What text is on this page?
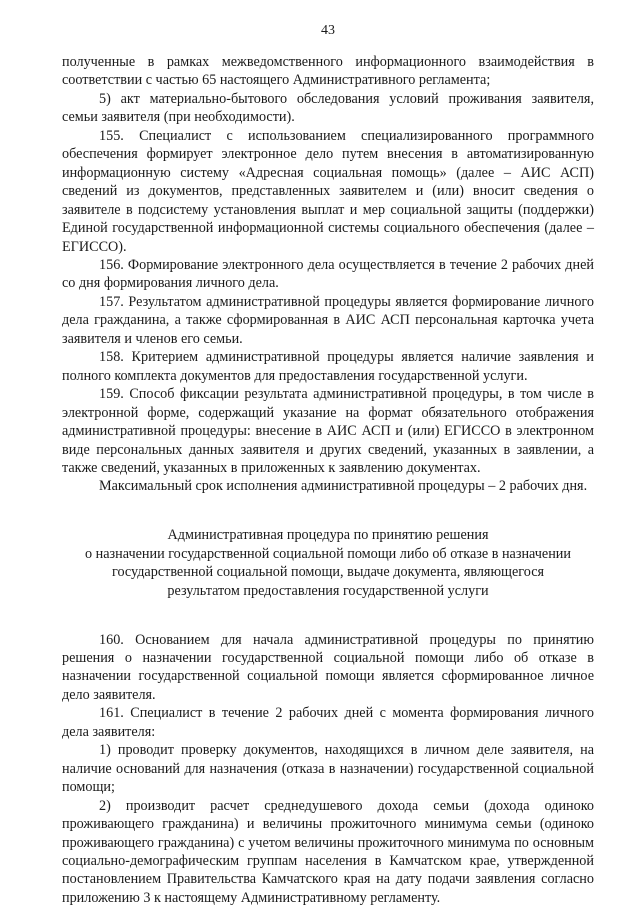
43

полученные в рамках межведомственного информационного взаимодействия в соответствии с частью 65 настоящего Административного регламента;

5) акт материально-бытового обследования условий проживания заявителя, семьи заявителя (при необходимости).

155. Специалист с использованием специализированного программного обеспечения формирует электронное дело путем внесения в автоматизированную информационную систему «Адресная социальная помощь» (далее – АИС АСП) сведений из документов, представленных заявителем и (или) вносит сведения о заявителе в подсистему установления выплат и мер социальной защиты (поддержки) Единой государственной информационной системы социального обеспечения (далее – ЕГИССО).

156. Формирование электронного дела осуществляется в течение 2 рабочих дней со дня формирования личного дела.

157. Результатом административной процедуры является формирование личного дела гражданина, а также сформированная в АИС АСП персональная карточка учета заявителя и членов его семьи.

158. Критерием административной процедуры является наличие заявления и полного комплекта документов для предоставления государственной услуги.

159. Способ фиксации результата административной процедуры, в том числе в электронной форме, содержащий указание на формат обязательного отображения административной процедуры: внесение в АИС АСП и (или) ЕГИССО в электронном виде персональных данных заявителя и других сведений, указанных в заявлении, а также сведений, указанных в приложенных к заявлению документах.

Максимальный срок исполнения административной процедуры – 2 рабочих дня.

Административная процедура по принятию решения

о назначении государственной социальной помощи либо об отказе в назначении

государственной социальной помощи, выдаче документа, являющегося

результатом предоставления государственной услуги

160. Основанием для начала административной процедуры по принятию решения о назначении государственной социальной помощи либо об отказе в назначении государственной социальной помощи является сформированное личное дело заявителя.

161. Специалист в течение 2 рабочих дней с момента формирования личного дела заявителя:

1) проводит проверку документов, находящихся в личном деле заявителя, на наличие оснований для назначения (отказа в назначении) государственной социальной помощи;

2) производит расчет среднедушевого дохода семьи (дохода одиноко проживающего гражданина) и величины прожиточного минимума семьи (одиноко проживающего гражданина) с учетом величины прожиточного минимума по основным социально-демографическим группам населения в Камчатском крае, утвержденной постановлением Правительства Камчатского края на дату подачи заявления согласно приложению 3 к настоящему Административному регламенту.
